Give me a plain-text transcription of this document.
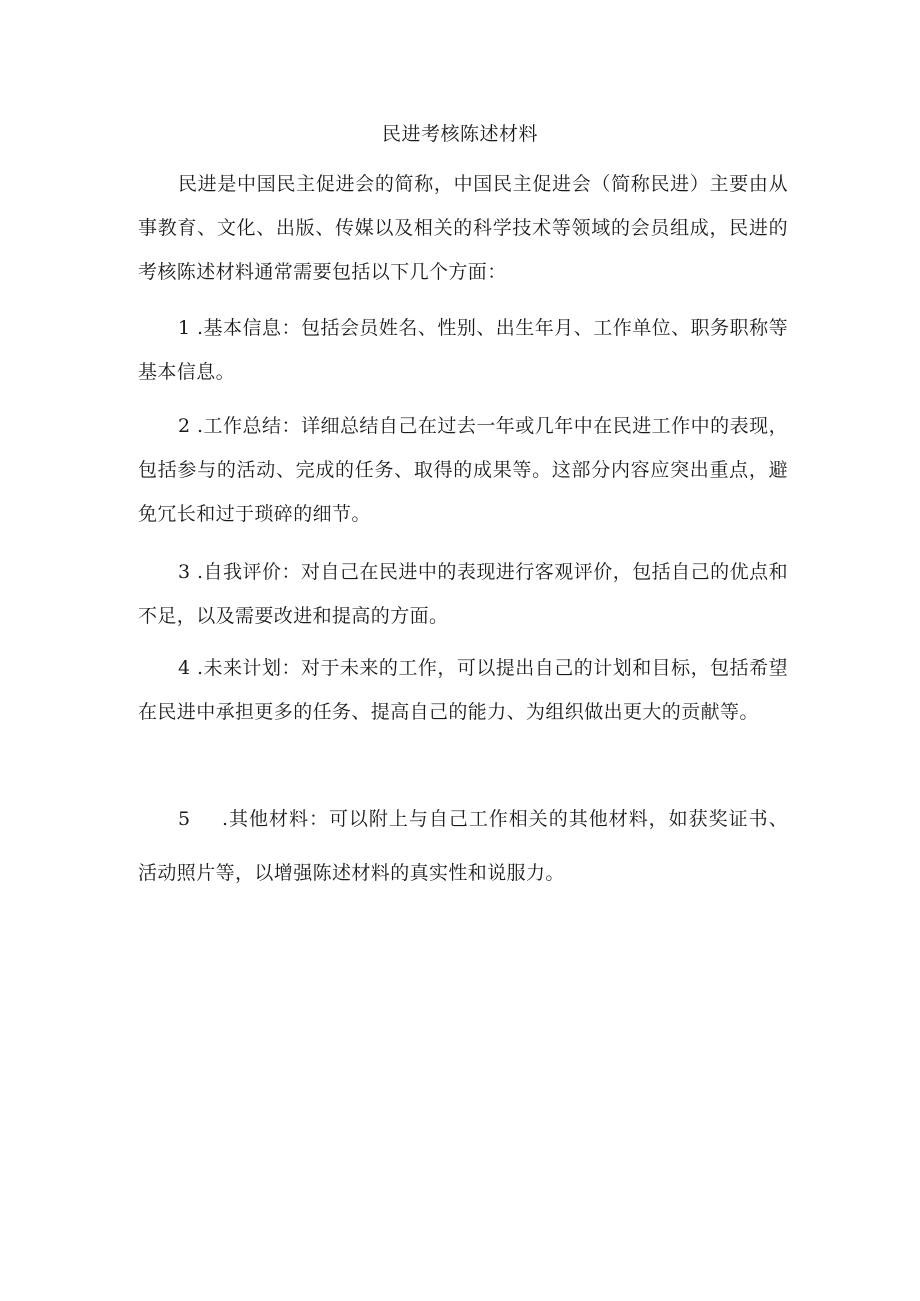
民进考核陈述材料

民进是中国民主促进会的简称，中国民主促进会（简称民进）主要由从事教育、文化、出版、传媒以及相关的科学技术等领域的会员组成，民进的考核陈述材料通常需要包括以下几个方面：

1 .基本信息：包括会员姓名、性别、出生年月、工作单位、职务职称等基本信息。

2 .工作总结：详细总结自己在过去一年或几年中在民进工作中的表现，包括参与的活动、完成的任务、取得的成果等。这部分内容应突出重点，避免冗长和过于琐碎的细节。

3 .自我评价：对自己在民进中的表现进行客观评价，包括自己的优点和不足，以及需要改进和提高的方面。

4 .未来计划：对于未来的工作，可以提出自己的计划和目标，包括希望在民进中承担更多的任务、提高自己的能力、为组织做出更大的贡献等。

5 .其他材料：可以附上与自己工作相关的其他材料，如获奖证书、活动照片等，以增强陈述材料的真实性和说服力。
